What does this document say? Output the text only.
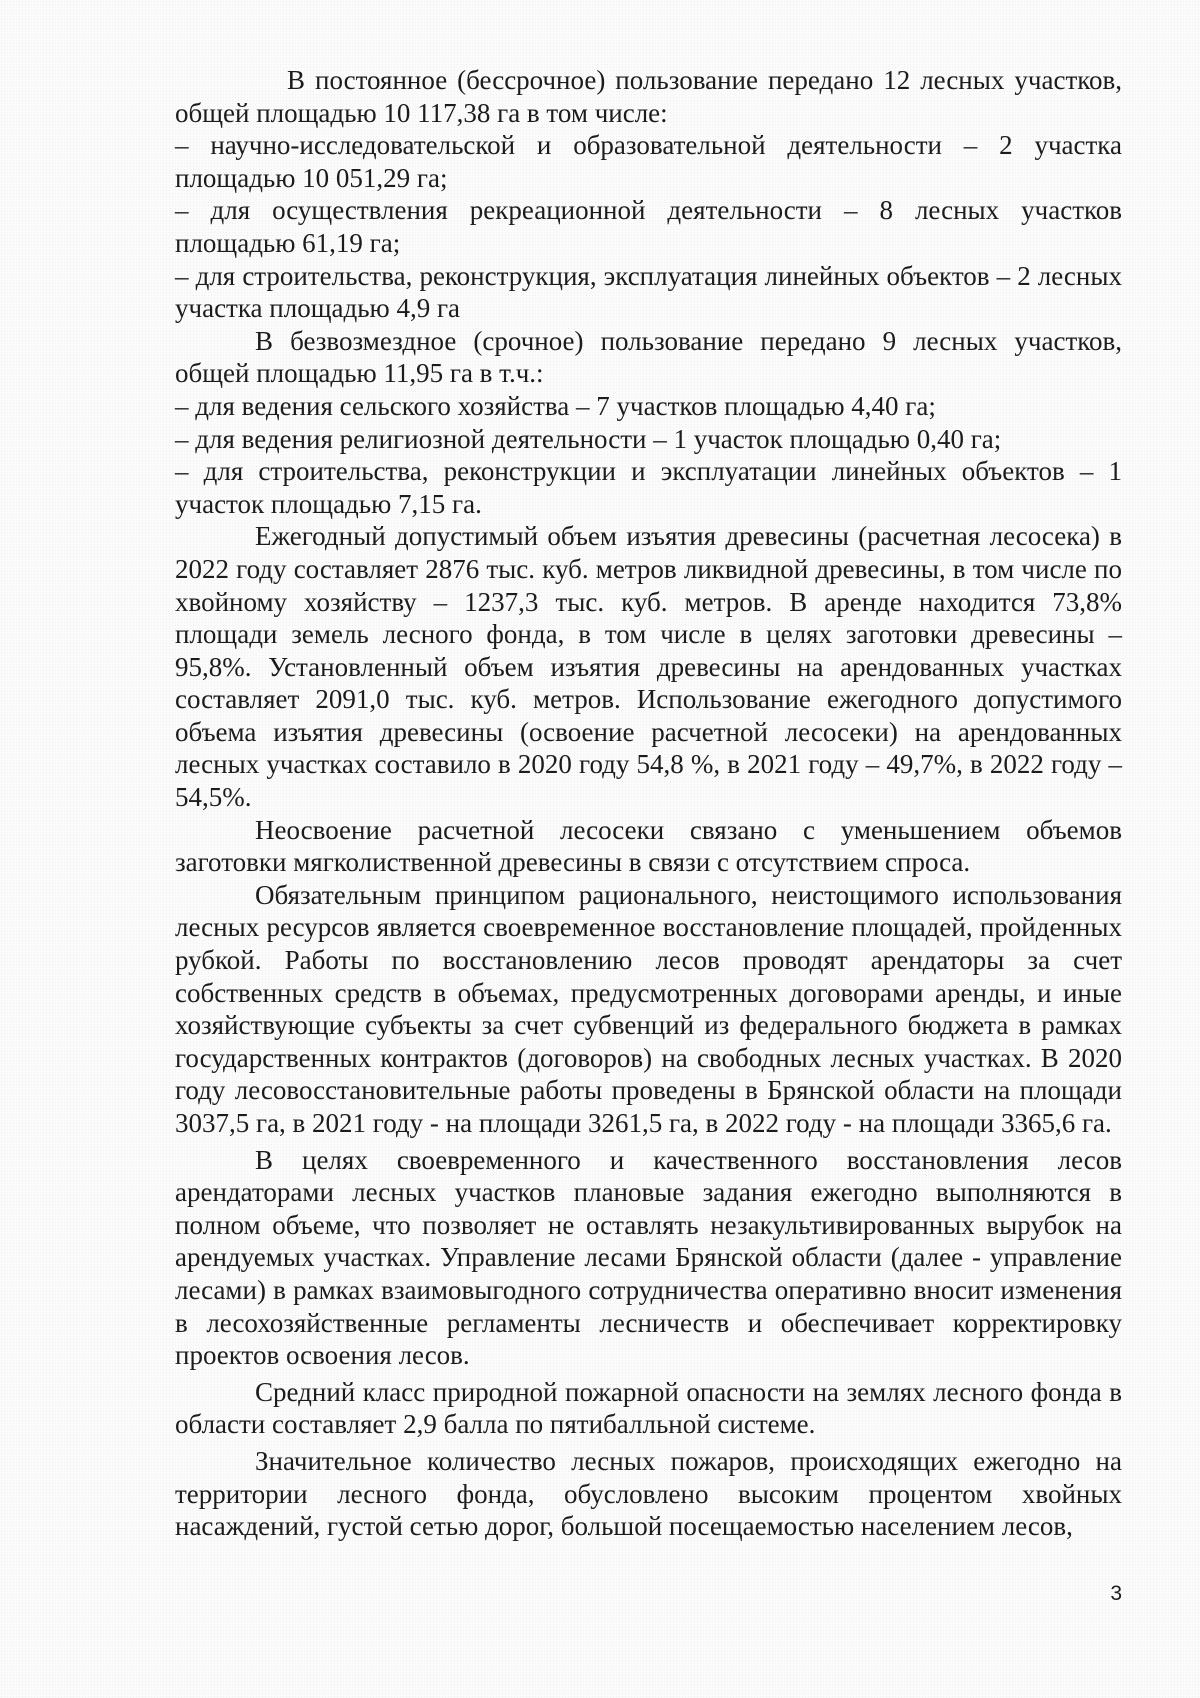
В постоянное (бессрочное) пользование передано 12 лесных участков, общей площадью 10 117,38 га в том числе:

– научно-исследовательской и образовательной деятельности – 2 участка площадью 10 051,29 га;

– для осуществления рекреационной деятельности – 8 лесных участков площадью 61,19 га;

– для строительства, реконструкция, эксплуатация линейных объектов – 2 лесных участка площадью 4,9 га

В безвозмездное (срочное) пользование передано 9 лесных участков, общей площадью 11,95 га в т.ч.:

– для ведения сельского хозяйства – 7 участков площадью 4,40 га;

– для ведения религиозной деятельности – 1 участок площадью 0,40 га;

– для строительства, реконструкции и эксплуатации линейных объектов – 1 участок площадью 7,15 га.

Ежегодный допустимый объем изъятия древесины (расчетная лесосека) в 2022 году составляет 2876 тыс. куб. метров ликвидной древесины, в том числе по хвойному хозяйству – 1237,3 тыс. куб. метров. В аренде находится 73,8% площади земель лесного фонда, в том числе в целях заготовки древесины – 95,8%. Установленный объем изъятия древесины на арендованных участках составляет 2091,0 тыс. куб. метров. Использование ежегодного допустимого объема изъятия древесины (освоение расчетной лесосеки) на арендованных лесных участках составило в 2020 году 54,8 %, в 2021 году – 49,7%, в 2022 году – 54,5%.

Неосвоение расчетной лесосеки связано с уменьшением объемов заготовки мягколиственной древесины в связи с отсутствием спроса.

Обязательным принципом рационального, неистощимого использования лесных ресурсов является своевременное восстановление площадей, пройденных рубкой. Работы по восстановлению лесов проводят арендаторы за счет собственных средств в объемах, предусмотренных договорами аренды, и иные хозяйствующие субъекты за счет субвенций из федерального бюджета в рамках государственных контрактов (договоров) на свободных лесных участках. В 2020 году лесовосстановительные работы проведены в Брянской области на площади 3037,5 га, в 2021 году - на площади 3261,5 га, в 2022 году - на площади 3365,6 га.

В целях своевременного и качественного восстановления лесов арендаторами лесных участков плановые задания ежегодно выполняются в полном объеме, что позволяет не оставлять незакультивированных вырубок на арендуемых участках. Управление лесами Брянской области (далее - управление лесами) в рамках взаимовыгодного сотрудничества оперативно вносит изменения в лесохозяйственные регламенты лесничеств и обеспечивает корректировку проектов освоения лесов.

Средний класс природной пожарной опасности на землях лесного фонда в области составляет 2,9 балла по пятибалльной системе.

Значительное количество лесных пожаров, происходящих ежегодно на территории лесного фонда, обусловлено высоким процентом хвойных насаждений, густой сетью дорог, большой посещаемостью населением лесов,

3
